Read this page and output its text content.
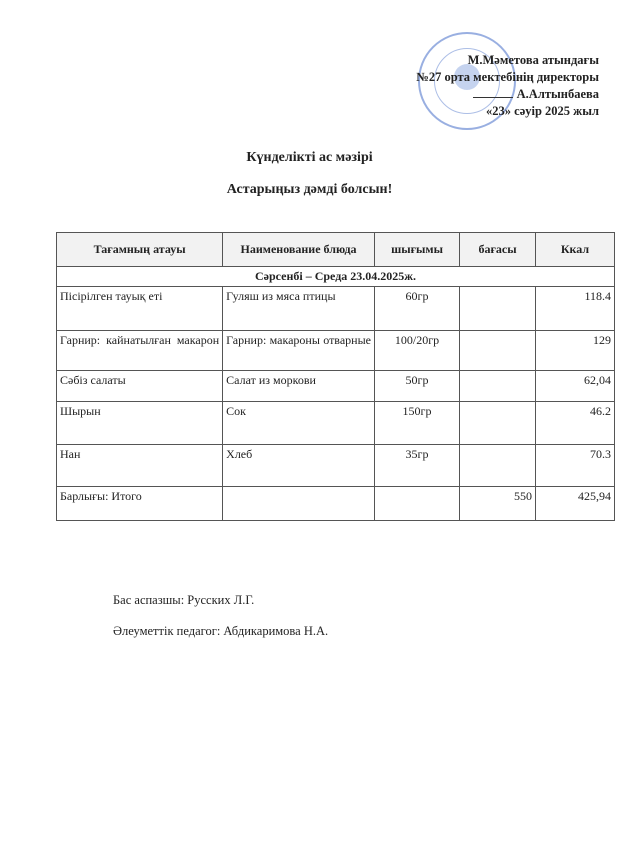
М.Мәметова атындағы
№27 орта мектебінің директоры
А.Алтынбаева
«23» сәуір 2025 жыл
Күнделікті ас мәзірі
Астарыңыз дәмді болсын!
Тағамның атауы	Наименование блюда	шығымы	бағасы	Ккал
Сәрсенбі – Среда 23.04.2025ж.				
Пісірілген тауық еті	Гуляш из мяса птицы	60гр		118.4
Гарнир: кайнатылған макарон	Гарнир: макароны отварные	100/20гр		129
Сәбіз салаты	Салат из моркови	50гр		62,04
Шырын	Сок	150гр		46.2
Нан	Хлеб	35гр		70.3
Барлығы: Итого			550	425,94
Бас аспазшы: Русских Л.Г.
Әлеуметтік педагог: Абдикаримова Н.А.
